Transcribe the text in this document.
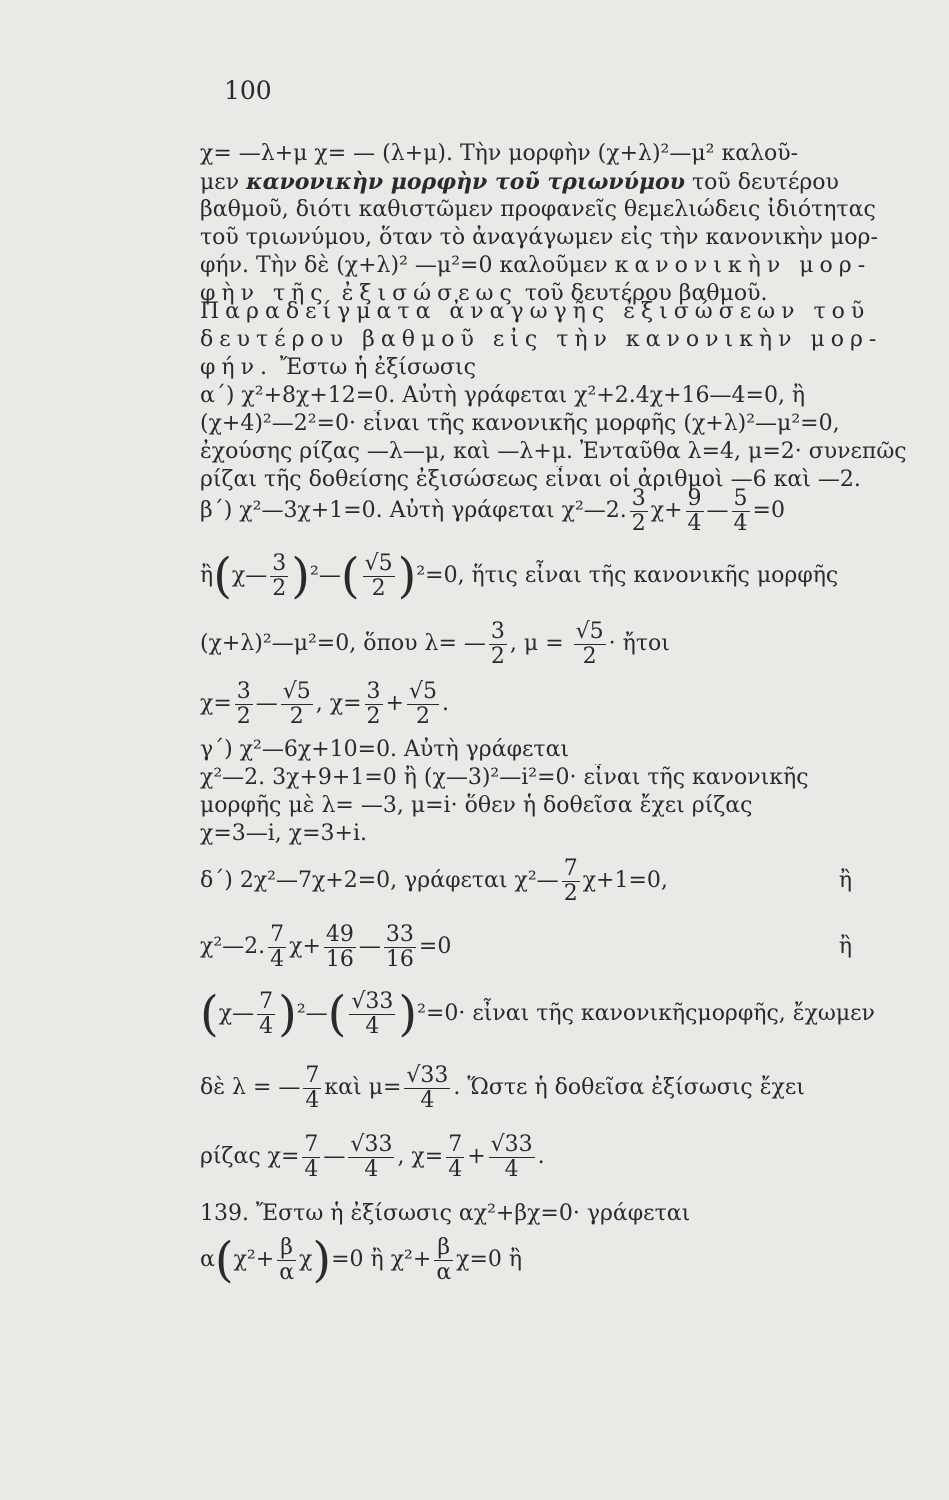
100
χ= —λ+μ χ= — (λ+μ). Τὴν μορφὴν (χ+λ)²—μ² καλοῦ-
μεν κανονικὴν μορφὴν τοῦ τριωνύμου τοῦ δευτέρου
βαθμοῦ, διότι καθιστῶμεν προφανεῖς θεμελιώδεις ἰδιότητας
τοῦ τριωνύμου, ὅταν τὸ ἀναγάγωμεν εἰς τὴν κανονικὴν μορ-
φήν. Τὴν δὲ (χ+λ)² —μ²=0 καλοῦμεν κανονικὴν μορ-
φὴν τῆς ἐξισώσεως τοῦ δευτέρου βαθμοῦ.
Παραδείγματα ἀναγωγῆς ἐξισώσεων τοῦ
δευτέρου βαθμοῦ εἰς τὴν κανονικὴν μορ-
φήν. Ἔστω ἡ ἐξίσωσις
α΄) χ²+8χ+12=0. Αὐτὴ γράφεται χ²+2.4χ+16—4=0, ἢ
(χ+4)²—2²=0· εἶναι τῆς κανονικῆς μορφῆς (χ+λ)²—μ²=0,
ἐχούσης ρίζας —λ—μ, καὶ —λ+μ. Ἐνταῦθα λ=4, μ=2· συνεπῶς
ρίζαι τῆς δοθείσης ἐξισώσεως εἶναι οἱ ἀριθμοὶ —6 καὶ —2.
β΄) χ²—3χ+1=0. Αὐτὴ γράφεται χ²—2. $\frac{3}{2} \chi+ \frac{9}{4}$ — $\frac{5}{4} =0$
ἢ(χ— $\frac{3}{2}$ )²—( $\frac{√5}{2} )^2=0$, ἥτις εἶναι τῆς κανονικῆς μορφῆς
(χ+λ)²—μ²=0, ὅπου λ= — $\frac{3}{2}$ , $\mu = \frac{√5}{2}$ · ἤτοι
$\chi= \frac{3}{2}$ — $\frac{√5}{2}$ , $\chi= \frac{3}{2} + \frac{√5}{2}$ .
γ΄) χ²—6χ+10=0. Αὐτὴ γράφεται
χ²—2. 3χ+9+1=0 ἢ (χ—3)²—i²=0· εἶναι τῆς κανονικῆς
μορφῆς μὲ λ= —3, μ=i· ὅθεν ἡ δοθεῖσα ἔχει ρίζας
χ=3—i, χ=3+i.
δ΄) 2χ²—7χ+2=0, γράφεται χ²— $\frac{7}{2} \chi+1=0$,	ἢ
χ²—2. $\frac{7}{4} \chi+ \frac{49}{16}$ — $\frac{33}{16} =0$	ἢ
(χ— $\frac{7}{4}$ )²—( $\frac{√33}{4} )^2=0\cdot$ εἶναι τῆς κανονικῆςμορφῆς, ἔχωμεν
δὲ λ = — $\frac{7}{4}$ καὶ $\mu= \frac{√33}{4}$ . Ὥστε ἡ δοθεῖσα ἐξίσωσις ἔχει
ρίζας $\chi= \frac{7}{4}$ — $\frac{√33}{4}$ , $\chi= \frac{7}{4} + \frac{√33}{4}$ .
139. Ἔστω ἡ ἐξίσωσις αχ²+βχ=0· γράφεται
$\alpha(\chi^2+ \frac{\beta}{\alpha} \chi)=0$ ἢ $\chi^2+ \frac{\beta}{\alpha} \chi=0$ ἢ
